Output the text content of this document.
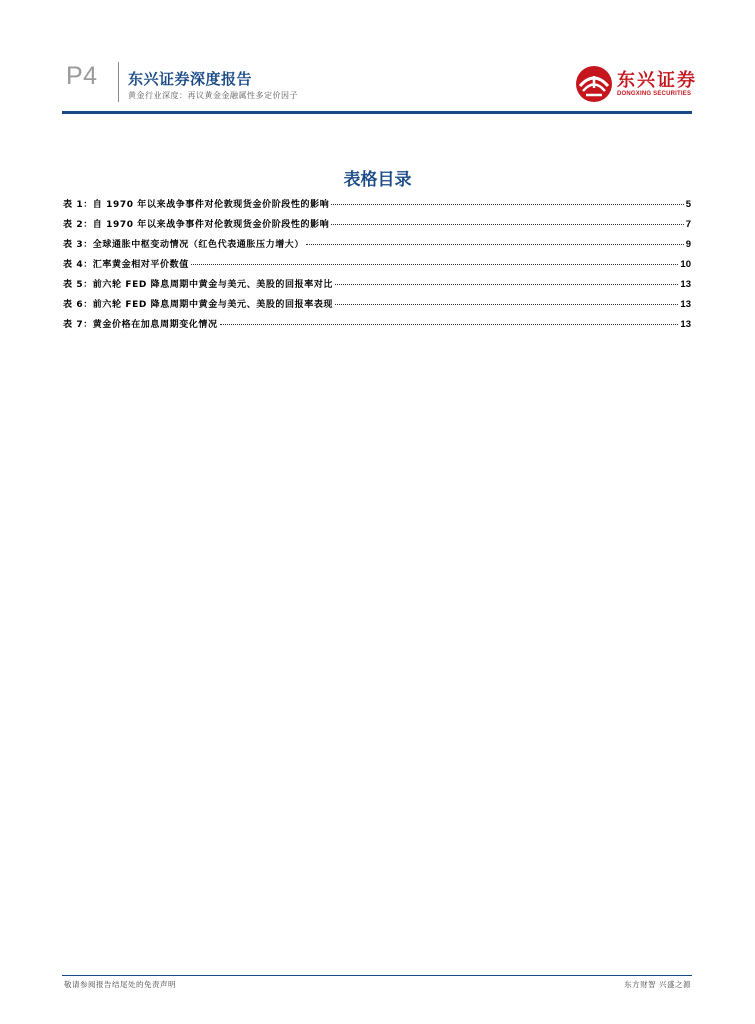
P4 东兴证券深度报告
黄金行业深度：再议黄金金融属性多定价因子
东兴证券
DONGXING SECURITIES
表格目录
表 1：自 1970 年以来战争事件对伦敦现货金价阶段性的影响	5
表 2：自 1970 年以来战争事件对伦敦现货金价阶段性的影响	7
表 3：全球通胀中枢变动情况（红色代表通胀压力增大）	9
表 4：汇率黄金相对平价数值	10
表 5：前六轮 FED 降息周期中黄金与美元、美股的回报率对比	13
表 6：前六轮 FED 降息周期中黄金与美元、美股的回报率表现	13
表 7：黄金价格在加息周期变化情况	13
敬请参阅报告结尾处的免责声明	东方财智 兴盛之源
